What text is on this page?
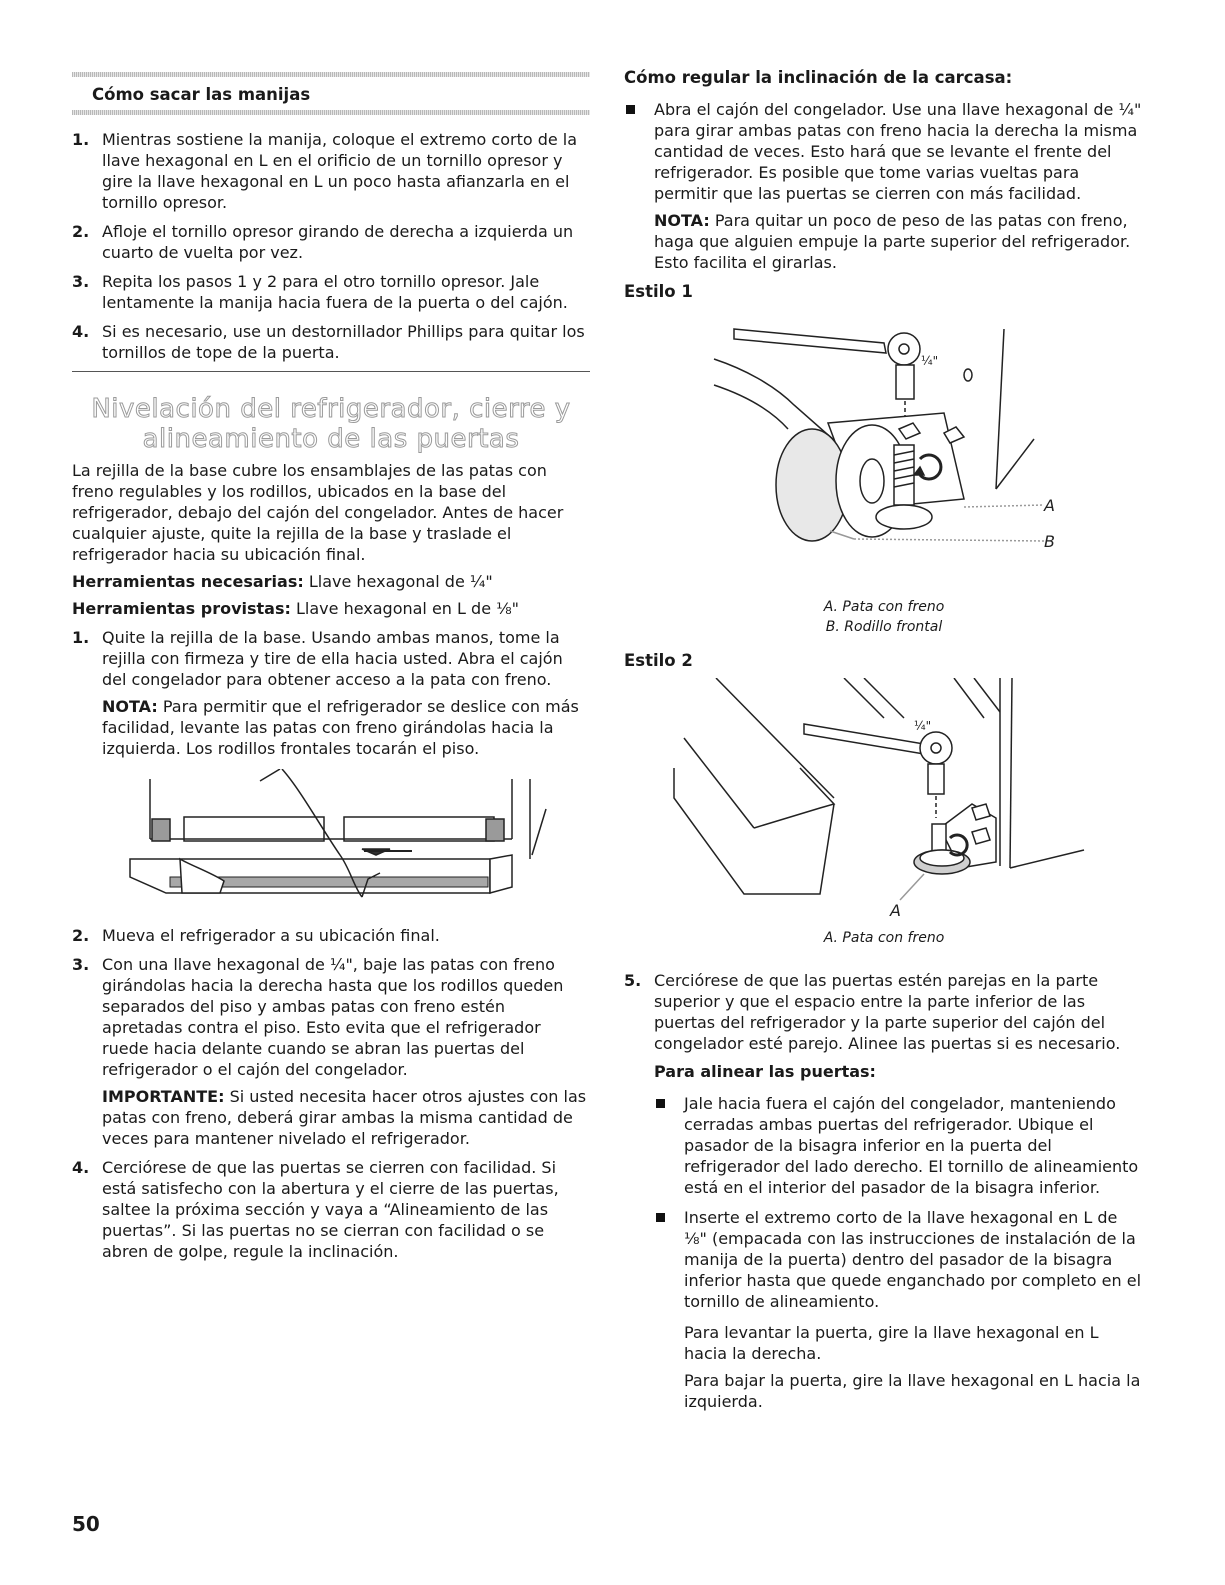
Cómo sacar las manijas

1. Mientras sostiene la manija, coloque el extremo corto de la llave hexagonal en L en el orificio de un tornillo opresor y gire la llave hexagonal en L un poco hasta afianzarla en el tornillo opresor.
2. Afloje el tornillo opresor girando de derecha a izquierda un cuarto de vuelta por vez.
3. Repita los pasos 1 y 2 para el otro tornillo opresor. Jale lentamente la manija hacia fuera de la puerta o del cajón.
4. Si es necesario, use un destornillador Phillips para quitar los tornillos de tope de la puerta.

Nivelación del refrigerador, cierre y

alineamiento de las puertas

La rejilla de la base cubre los ensamblajes de las patas con freno regulables y los rodillos, ubicados en la base del refrigerador, debajo del cajón del congelador. Antes de hacer cualquier ajuste, quite la rejilla de la base y traslade el refrigerador hacia su ubicación final.

Herramientas necesarias: Llave hexagonal de ¼"

Herramientas provistas: Llave hexagonal en L de ⅛"

1. Quite la rejilla de la base. Usando ambas manos, tome la rejilla con firmeza y tire de ella hacia usted. Abra el cajón del congelador para obtener acceso a la pata con freno.

NOTA: Para permitir que el refrigerador se deslice con más facilidad, levante las patas con freno girándolas hacia la izquierda. Los rodillos frontales tocarán el piso.

2. Mueva el refrigerador a su ubicación final.
3. Con una llave hexagonal de ¼", baje las patas con freno girándolas hacia la derecha hasta que los rodillos queden separados del piso y ambas patas con freno estén apretadas contra el piso. Esto evita que el refrigerador ruede hacia delante cuando se abran las puertas del refrigerador o el cajón del congelador.

IMPORTANTE: Si usted necesita hacer otros ajustes con las patas con freno, deberá girar ambas la misma cantidad de veces para mantener nivelado el refrigerador.

4. Cerciórese de que las puertas se cierren con facilidad. Si está satisfecho con la abertura y el cierre de las puertas, saltee la próxima sección y vaya a “Alineamiento de las puertas”. Si las puertas no se cierran con facilidad o se abren de golpe, regule la inclinación.

Cómo regular la inclinación de la carcasa:

Abra el cajón del congelador. Use una llave hexagonal de ¼" para girar ambas patas con freno hacia la derecha la misma cantidad de veces. Esto hará que se levante el frente del refrigerador. Es posible que tome varias vueltas para permitir que las puertas se cierren con más facilidad.

NOTA: Para quitar un poco de peso de las patas con freno, haga que alguien empuje la parte superior del refrigerador. Esto facilita el girarlas.

Estilo 1

¼"
A
B

A. Pata con freno

B. Rodillo frontal

Estilo 2

¼"
A

A. Pata con freno

5. Cerciórese de que las puertas estén parejas en la parte superior y que el espacio entre la parte inferior de las puertas del refrigerador y la parte superior del cajón del congelador esté parejo. Alinee las puertas si es necesario.

Para alinear las puertas:

Jale hacia fuera el cajón del congelador, manteniendo cerradas ambas puertas del refrigerador. Ubique el pasador de la bisagra inferior en la puerta del refrigerador del lado derecho. El tornillo de alineamiento está en el interior del pasador de la bisagra inferior.
Inserte el extremo corto de la llave hexagonal en L de ⅛" (empacada con las instrucciones de instalación de la manija de la puerta) dentro del pasador de la bisagra inferior hasta que quede enganchado por completo en el tornillo de alineamiento.

Para levantar la puerta, gire la llave hexagonal en L hacia la derecha.

Para bajar la puerta, gire la llave hexagonal en L hacia la izquierda.

50
